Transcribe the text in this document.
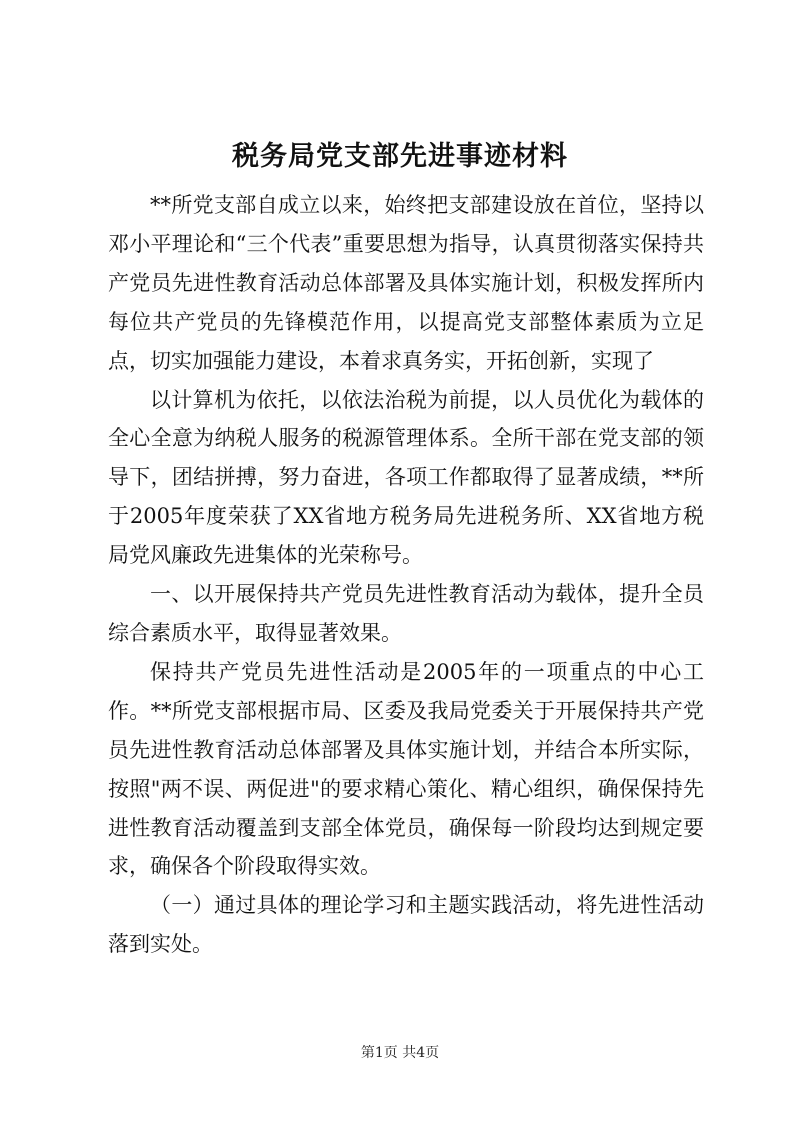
税务局党支部先进事迹材料

**所党支部自成立以来，始终把支部建设放在首位，坚持以邓小平理论和“三个代表”重要思想为指导，认真贯彻落实保持共产党员先进性教育活动总体部署及具体实施计划，积极发挥所内每位共产党员的先锋模范作用，以提高党支部整体素质为立足点，切实加强能力建设，本着求真务实，开拓创新，实现了

以计算机为依托，以依法治税为前提，以人员优化为载体的全心全意为纳税人服务的税源管理体系。全所干部在党支部的领导下，团结拼搏，努力奋进，各项工作都取得了显著成绩，**所于2005年度荣获了XX省地方税务局先进税务所、XX省地方税局党风廉政先进集体的光荣称号。

一、以开展保持共产党员先进性教育活动为载体，提升全员综合素质水平，取得显著效果。

保持共产党员先进性活动是2005年的一项重点的中心工作。**所党支部根据市局、区委及我局党委关于开展保持共产党员先进性教育活动总体部署及具体实施计划，并结合本所实际，按照"两不误、两促进"的要求精心策化、精心组织，确保保持先进性教育活动覆盖到支部全体党员，确保每一阶段均达到规定要求，确保各个阶段取得实效。

（一）通过具体的理论学习和主题实践活动，将先进性活动落到实处。

第1页 共4页
